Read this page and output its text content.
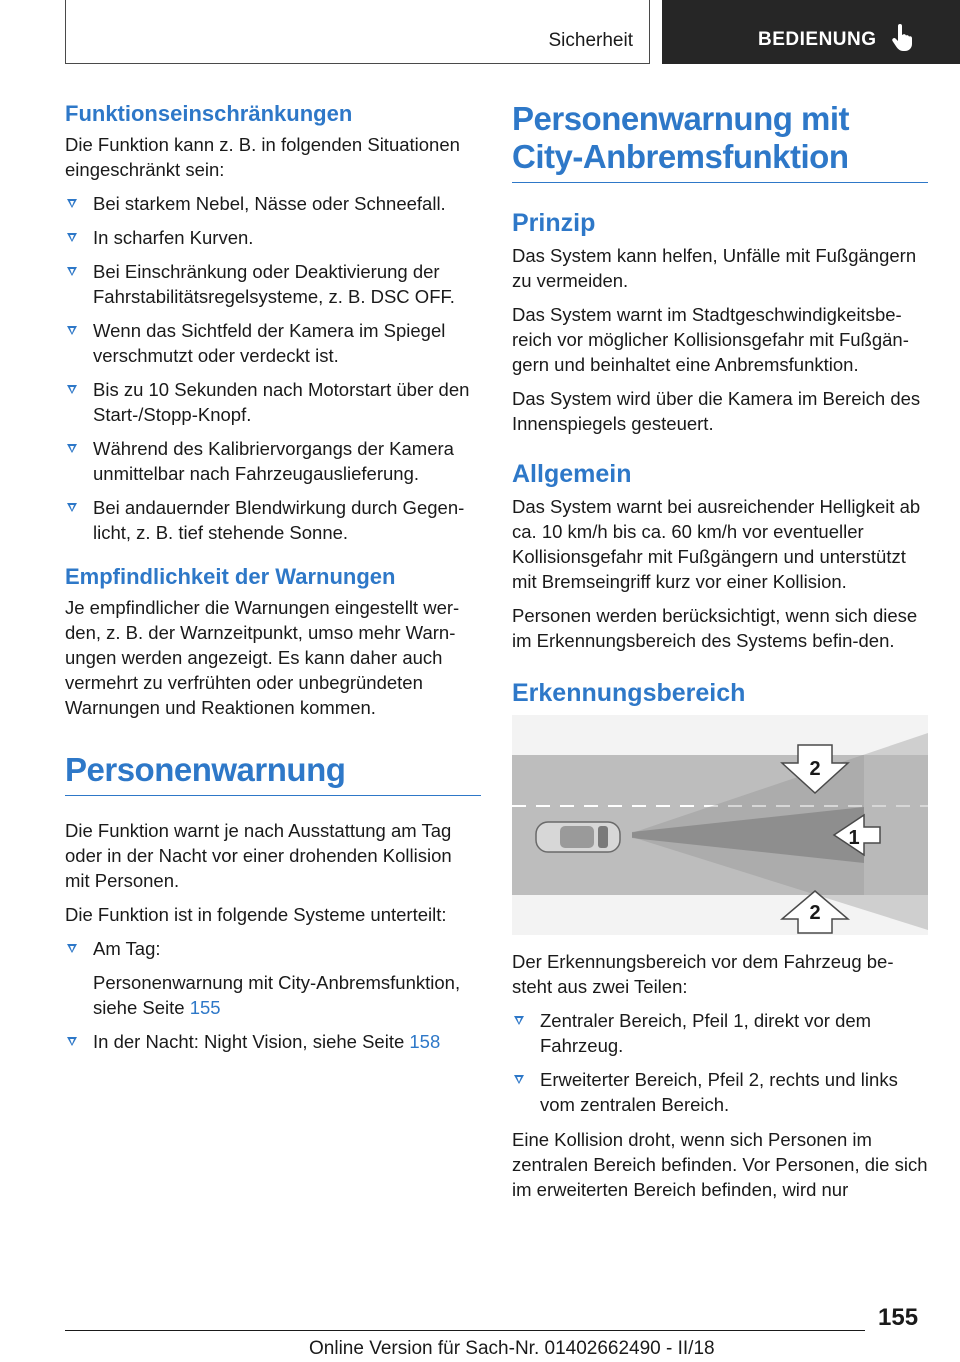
Sicherheit	BEDIENUNG
Funktionseinschränkungen

Die Funktion kann z. B. in folgenden Situationen eingeschränkt sein:

Bei starkem Nebel, Nässe oder Schneefall.
In scharfen Kurven.
Bei Einschränkung oder Deaktivierung der Fahrstabilitätsregelsysteme, z. B. DSC OFF.
Wenn das Sichtfeld der Kamera im Spiegel verschmutzt oder verdeckt ist.
Bis zu 10 Sekunden nach Motorstart über den Start-/Stopp-Knopf.
Während des Kalibriervorgangs der Kamera unmittelbar nach Fahrzeugauslieferung.
Bei andauernder Blendwirkung durch Gegen-licht, z. B. tief stehende Sonne.
Empfindlichkeit der Warnungen

Je empfindlicher die Warnungen eingestellt wer-den, z. B. der Warnzeitpunkt, umso mehr Warn-ungen werden angezeigt. Es kann daher auch vermehrt zu verfrühten oder unbegründeten Warnungen und Reaktionen kommen.

Personenwarnung

Die Funktion warnt je nach Ausstattung am Tag oder in der Nacht vor einer drohenden Kollision mit Personen.

Die Funktion ist in folgende Systeme unterteilt:

Am Tag:
Personenwarnung mit City-Anbremsfunktion, siehe Seite 155
In der Nacht: Night Vision, siehe Seite 158
Personenwarnung mit City-Anbremsfunktion
Prinzip

Das System kann helfen, Unfälle mit Fußgängern zu vermeiden.

Das System warnt im Stadtgeschwindigkeitsbe-reich vor möglicher Kollisionsgefahr mit Fußgän-gern und beinhaltet eine Anbremsfunktion.

Das System wird über die Kamera im Bereich des Innenspiegels gesteuert.

Allgemein

Das System warnt bei ausreichender Helligkeit ab ca. 10 km/h bis ca. 60 km/h vor eventueller Kollisionsgefahr mit Fußgängern und unterstützt mit Bremseingriff kurz vor einer Kollision.

Personen werden berücksichtigt, wenn sich diese im Erkennungsbereich des Systems befin-den.

Erkennungsbereich
2
1
2

Der Erkennungsbereich vor dem Fahrzeug be-steht aus zwei Teilen:

Zentraler Bereich, Pfeil 1, direkt vor dem Fahrzeug.
Erweiterter Bereich, Pfeil 2, rechts und links vom zentralen Bereich.

Eine Kollision droht, wenn sich Personen im zentralen Bereich befinden. Vor Personen, die sich im erweiterten Bereich befinden, wird nur

155
Online Version für Sach-Nr. 01402662490 - II/18
